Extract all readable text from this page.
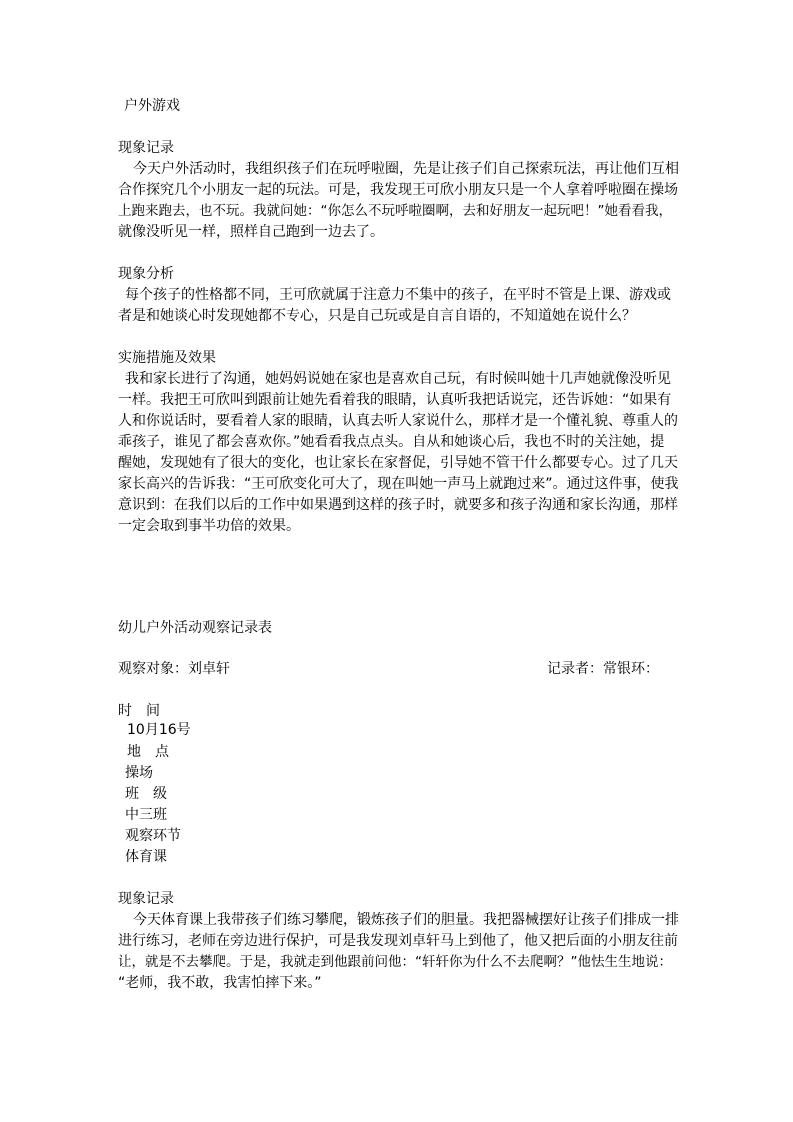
户外游戏
现象记录
今天户外活动时，我组织孩子们在玩呼啦圈，先是让孩子们自己探索玩法，再让他们互相
合作探究几个小朋友一起的玩法。可是，我发现王可欣小朋友只是一个人拿着呼啦圈在操场
上跑来跑去，也不玩。我就问她：“你怎么不玩呼啦圈啊，去和好朋友一起玩吧！”她看看我，
就像没听见一样，照样自己跑到一边去了。
现象分析
每个孩子的性格都不同，王可欣就属于注意力不集中的孩子，在平时不管是上课、游戏或
者是和她谈心时发现她都不专心，只是自己玩或是自言自语的，不知道她在说什么？
实施措施及效果
我和家长进行了沟通，她妈妈说她在家也是喜欢自己玩，有时候叫她十几声她就像没听见
一样。我把王可欣叫到跟前让她先看着我的眼睛，认真听我把话说完，还告诉她：“如果有
人和你说话时，要看着人家的眼睛，认真去听人家说什么，那样才是一个懂礼貌、尊重人的
乖孩子，谁见了都会喜欢你。”她看看我点点头。自从和她谈心后，我也不时的关注她，提
醒她，发现她有了很大的变化，也让家长在家督促，引导她不管干什么都要专心。过了几天
家长高兴的告诉我：“王可欣变化可大了，现在叫她一声马上就跑过来”。通过这件事，使我
意识到：在我们以后的工作中如果遇到这样的孩子时，就要多和孩子沟通和家长沟通，那样
一定会取到事半功倍的效果。
幼儿户外活动观察记录表
观察对象：刘卓轩	记录者：常银环：
时　间
10月16号
地　点
操场
班　级
中三班
观察环节
体育课
现象记录
今天体育课上我带孩子们练习攀爬，锻炼孩子们的胆量。我把器械摆好让孩子们排成一排
进行练习，老师在旁边进行保护，可是我发现刘卓轩马上到他了，他又把后面的小朋友往前
让，就是不去攀爬。于是，我就走到他跟前问他：“轩轩你为什么不去爬啊？”他怯生生地说：
“老师，我不敢，我害怕摔下来。”
